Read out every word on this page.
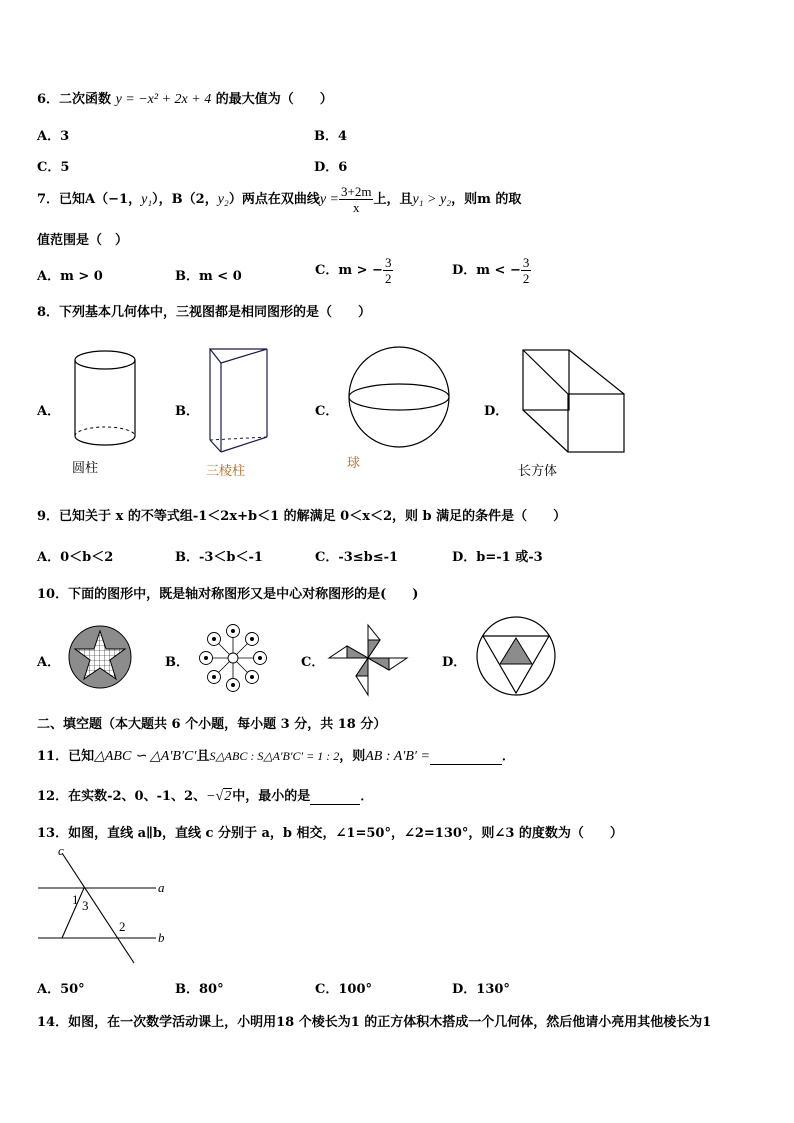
6．二次函数 y = −x² + 2x + 4 的最大值为（　　）
A．3	B．4
C．5	D．6
7．已知A（−1，y₁），B（2，y₂）两点在双曲线$y = \frac{3+2m}{x}$ 上，且y₁ > y₂，则m 的取
值范围是（　）
A．m > 0	B．m < 0	C．m > − $\frac{3}{2}$	D．m < − $\frac{3}{2}$
8．下列基本几何体中，三视图都是相同图形的是（　　）
A．
圆柱
B．
三棱柱
C．
球
D．
长方体
9．已知关于 x 的不等式组-1＜2x+b＜1 的解满足 0＜x＜2，则 b 满足的条件是（　　）
A．0＜b＜2	B．-3＜b＜-1	C．-3≤b≤-1	D．b=-1 或-3
10．下面的图形中，既是轴对称图形又是中心对称图形的是(　　)
A．	B．	C．	D．
二、填空题（本大题共 6 个小题，每小题 3 分，共 18 分）
11．已知△ABC ∽ △A′B′C′且S△ABC : S△A′B′C′ = 1 : 2，则AB : A′B′ =	．
12．在实数-2、0、-1、2、−√2中，最小的是	．
13．如图，直线 a∥b，直线 c 分别于 a，b 相交，∠1=50°，∠2=130°，则∠3 的度数为（　　）
c
a
b
1 3
2
A．50°	B．80°	C．100°	D．130°
14．如图，在一次数学活动课上，小明用18 个棱长为1 的正方体积木搭成一个几何体，然后他请小亮用其他棱长为1
